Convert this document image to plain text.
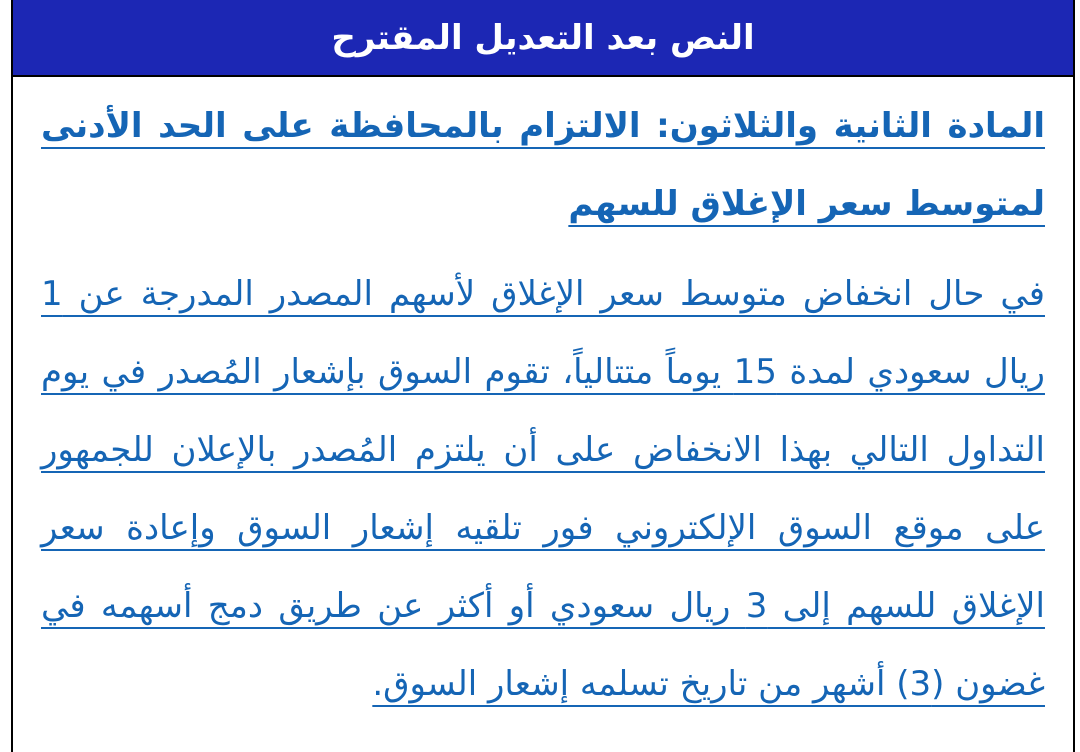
النص بعد التعديل المقترح
المادة الثانية والثلاثون: الالتزام بالمحافظة على الحد الأدنى لمتوسط سعر الإغلاق للسهم
في حال انخفاض متوسط سعر الإغلاق لأسهم المصدر المدرجة عن 1 ريال سعودي لمدة 15 يوماً متتالياً، تقوم السوق بإشعار المُصدر في يوم التداول التالي بهذا الانخفاض على أن يلتزم المُصدر بالإعلان للجمهور على موقع السوق الإلكتروني فور تلقيه إشعار السوق وإعادة سعر الإغلاق للسهم إلى 3 ريال سعودي أو أكثر عن طريق دمج أسهمه في غضون (3) أشهر من تاريخ تسلمه إشعار السوق.
